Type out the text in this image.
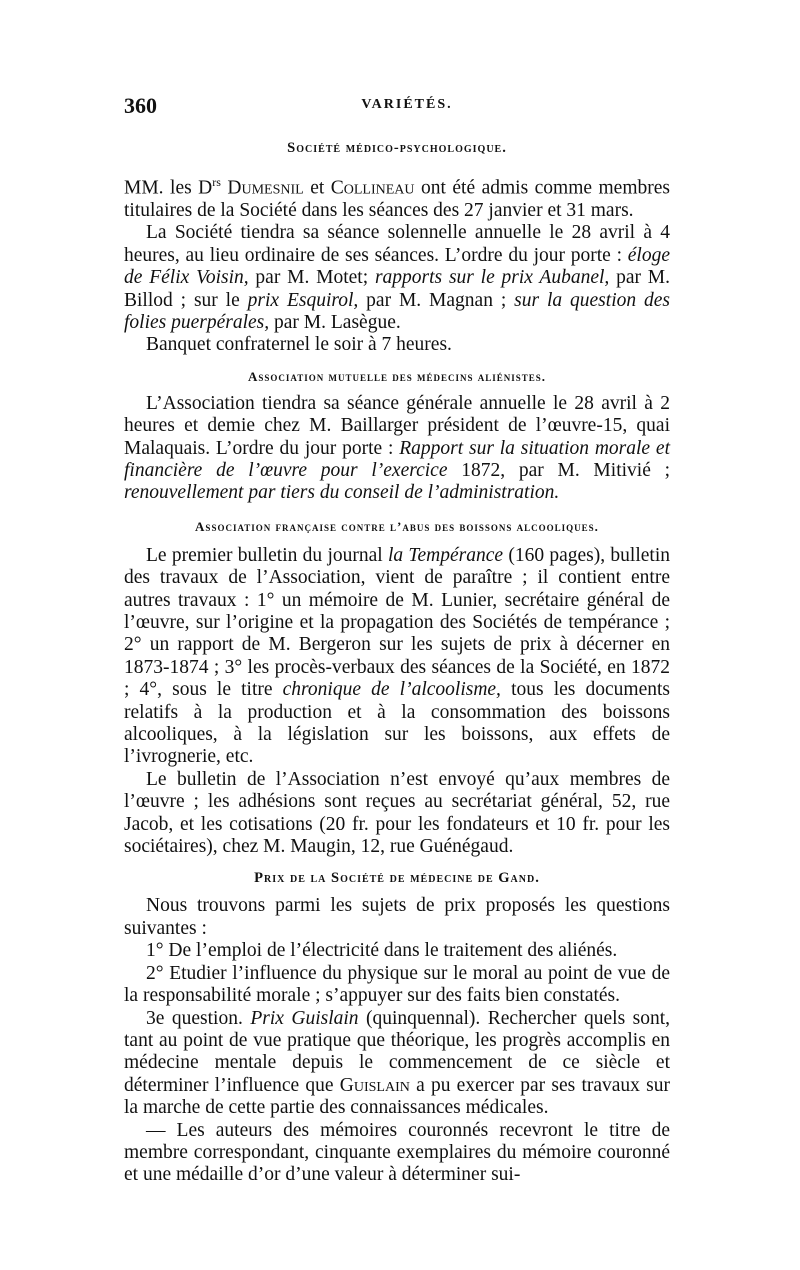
360	VARIÉTÉS.
Société médico-psychologique.

MM. les $D^{rs}$ Dumesnil et Collineau ont été admis comme membres titulaires de la Société dans les séances des 27 janvier et 31 mars.

La Société tiendra sa séance solennelle annuelle le 28 avril à 4 heures, au lieu ordinaire de ses séances. L’ordre du jour porte : éloge de Félix Voisin, par M. Motet; rapports sur le prix Aubanel, par M. Billod ; sur le prix Esquirol, par M. Magnan ; sur la question des folies puerpérales, par M. Lasègue.

Banquet confraternel le soir à 7 heures.

Association mutuelle des médecins aliénistes.

L’Association tiendra sa séance générale annuelle le 28 avril à 2 heures et demie chez M. Baillarger président de l’œuvre-15, quai Malaquais. L’ordre du jour porte : Rapport sur la situation morale et financière de l’œuvre pour l’exercice 1872, par M. Mitivié ; renouvellement par tiers du conseil de l’administration.

Association française contre l’abus des boissons alcooliques.

Le premier bulletin du journal la Tempérance (160 pages), bulletin des travaux de l’Association, vient de paraître ; il contient entre autres travaux : 1° un mémoire de M. Lunier, secrétaire général de l’œuvre, sur l’origine et la propagation des Sociétés de tempérance ; 2° un rapport de M. Bergeron sur les sujets de prix à décerner en 1873-1874 ; 3° les procès-verbaux des séances de la Société, en 1872 ; 4°, sous le titre chronique de l’alcoolisme, tous les documents relatifs à la production et à la consommation des boissons alcooliques, à la législation sur les boissons, aux effets de l’ivrognerie, etc.

Le bulletin de l’Association n’est envoyé qu’aux membres de l’œuvre ; les adhésions sont reçues au secrétariat général, 52, rue Jacob, et les cotisations (20 fr. pour les fondateurs et 10 fr. pour les sociétaires), chez M. Maugin, 12, rue Guénégaud.

Prix de la Société de médecine de Gand.

Nous trouvons parmi les sujets de prix proposés les questions suivantes :

1° De l’emploi de l’électricité dans le traitement des aliénés.

2° Etudier l’influence du physique sur le moral au point de vue de la responsabilité morale ; s’appuyer sur des faits bien constatés.

3e question. Prix Guislain (quinquennal). Rechercher quels sont, tant au point de vue pratique que théorique, les progrès accomplis en médecine mentale depuis le commencement de ce siècle et déterminer l’influence que Guislain a pu exercer par ses travaux sur la marche de cette partie des connaissances médicales.

— Les auteurs des mémoires couronnés recevront le titre de membre correspondant, cinquante exemplaires du mémoire couronné et une médaille d’or d’une valeur à déterminer sui-
